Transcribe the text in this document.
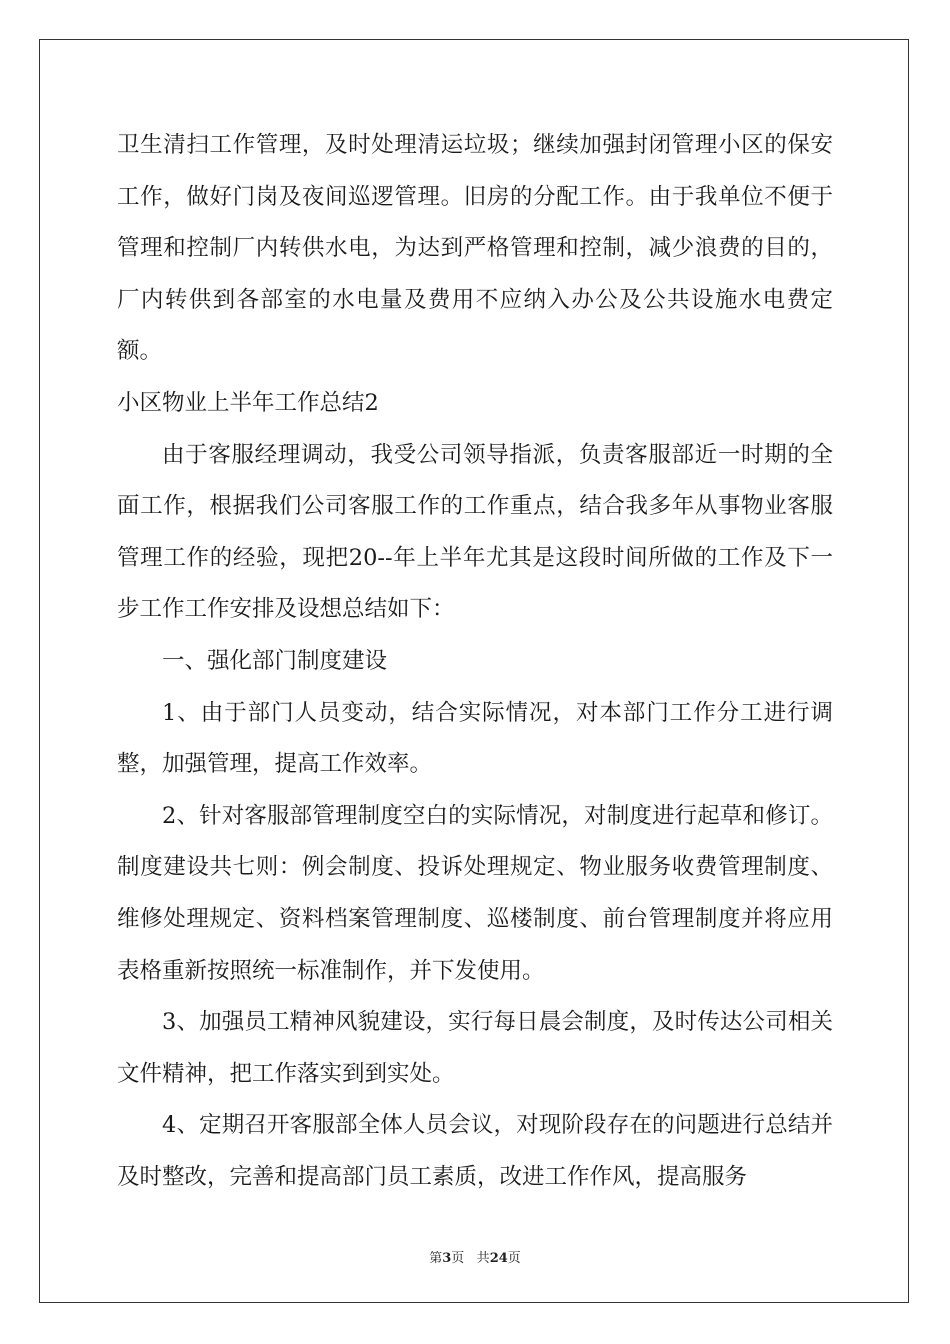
卫生清扫工作管理，及时处理清运垃圾；继续加强封闭管理小区的保安工作，做好门岗及夜间巡逻管理。旧房的分配工作。由于我单位不便于管理和控制厂内转供水电，为达到严格管理和控制，减少浪费的目的，厂内转供到各部室的水电量及费用不应纳入办公及公共设施水电费定额。

小区物业上半年工作总结2

由于客服经理调动，我受公司领导指派，负责客服部近一时期的全面工作，根据我们公司客服工作的工作重点，结合我多年从事物业客服管理工作的经验，现把20--年上半年尤其是这段时间所做的工作及下一步工作工作安排及设想总结如下：

一、强化部门制度建设

1、由于部门人员变动，结合实际情况，对本部门工作分工进行调整，加强管理，提高工作效率。

2、针对客服部管理制度空白的实际情况，对制度进行起草和修订。制度建设共七则：例会制度、投诉处理规定、物业服务收费管理制度、维修处理规定、资料档案管理制度、巡楼制度、前台管理制度并将应用表格重新按照统一标准制作，并下发使用。

3、加强员工精神风貌建设，实行每日晨会制度，及时传达公司相关文件精神，把工作落实到到实处。

4、定期召开客服部全体人员会议，对现阶段存在的问题进行总结并及时整改，完善和提高部门员工素质，改进工作作风，提高服务

第3页 共24页
